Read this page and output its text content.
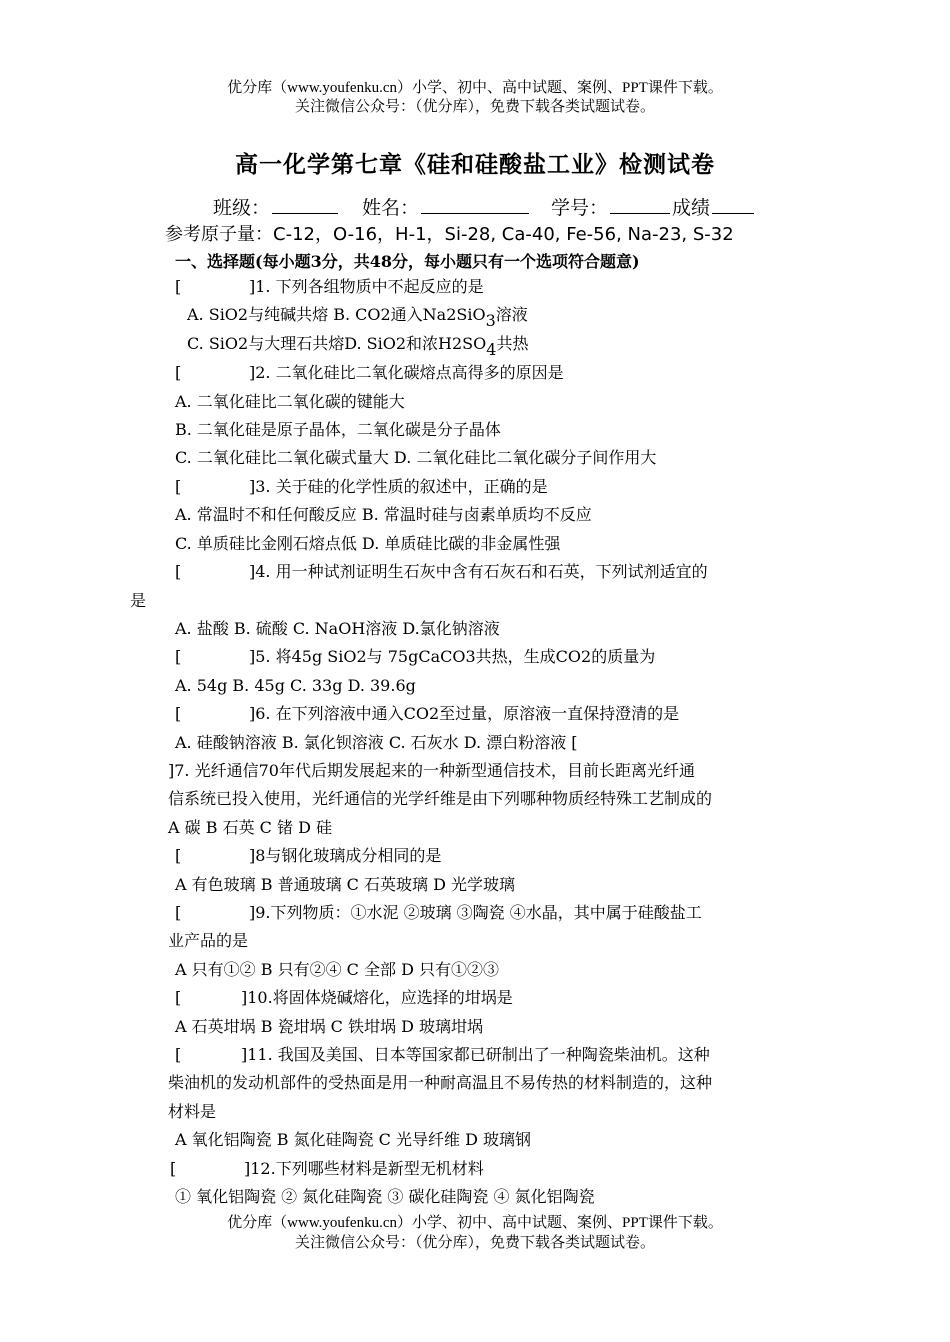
优分库（www.youfenku.cn）小学、初中、高中试题、案例、PPT课件下载。
关注微信公众号：（优分库），免费下载各类试题试卷。
高一化学第七章《硅和硅酸盐工业》检测试卷
班级：	姓名：	学号：	成绩
参考原子量：C-12，O-16，H-1，Si-28, Ca-40, Fe-56, Na-23, S-32
一、选择题(每小题3分，共48分，每小题只有一个选项符合题意)
[	]1. 下列各组物质中不起反应的是
A. SiO2与纯碱共熔 B. CO2通入Na2SiO$_3$溶液
C. SiO2与大理石共熔D. SiO2和浓$H2SO_4$共热
[	]2. 二氧化硅比二氧化碳熔点高得多的原因是
A. 二氧化硅比二氧化碳的键能大
B. 二氧化硅是原子晶体，二氧化碳是分子晶体
C. 二氧化硅比二氧化碳式量大 D. 二氧化硅比二氧化碳分子间作用大
[	]3. 关于硅的化学性质的叙述中，正确的是
A. 常温时不和任何酸反应 B. 常温时硅与卤素单质均不反应
C. 单质硅比金刚石熔点低 D. 单质硅比碳的非金属性强
[	]4. 用一种试剂证明生石灰中含有石灰石和石英，下列试剂适宜的
是
A. 盐酸 B. 硫酸 C. NaOH溶液 D.氯化钠溶液
[	]5. 将45g SiO2与 75gCaCO3共热，生成CO2的质量为
A. 54g B. 45g C. 33g D. 39.6g
[	]6. 在下列溶液中通入CO2至过量，原溶液一直保持澄清的是
A. 硅酸钠溶液 B. 氯化钡溶液 C. 石灰水 D. 漂白粉溶液 [
]7. 光纤通信70年代后期发展起来的一种新型通信技术，目前长距离光纤通
信系统已投入使用，光纤通信的光学纤维是由下列哪种物质经特殊工艺制成的
A 碳 B 石英 C 锗 D 硅
[	]8与钢化玻璃成分相同的是
A 有色玻璃 B 普通玻璃 C 石英玻璃 D 光学玻璃
[	]9.下列物质：①水泥 ②玻璃 ③陶瓷 ④水晶，其中属于硅酸盐工
业产品的是
A 只有①② B 只有②④ C 全部 D 只有①②③
[	]10.将固体烧碱熔化，应选择的坩埚是
A 石英坩埚 B 瓷坩埚 C 铁坩埚 D 玻璃坩埚
[	]11. 我国及美国、日本等国家都已研制出了一种陶瓷柴油机。这种
柴油机的发动机部件的受热面是用一种耐高温且不易传热的材料制造的，这种
材料是
A 氧化铝陶瓷 B 氮化硅陶瓷 C 光导纤维 D 玻璃钢
[	]12.下列哪些材料是新型无机材料
① 氧化铝陶瓷 ② 氮化硅陶瓷 ③ 碳化硅陶瓷 ④ 氮化铝陶瓷
优分库（www.youfenku.cn）小学、初中、高中试题、案例、PPT课件下载。
关注微信公众号：（优分库），免费下载各类试题试卷。
